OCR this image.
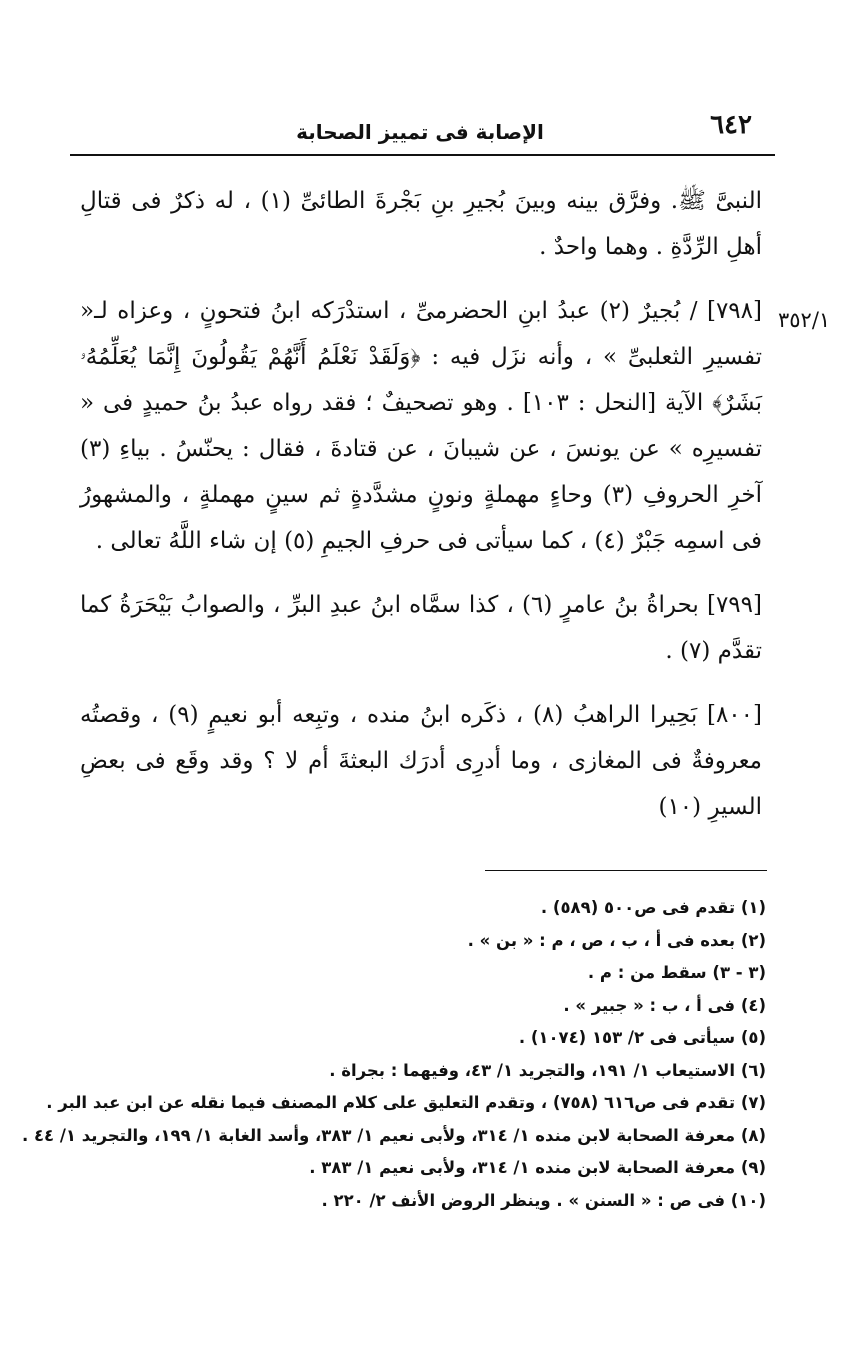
٦٤٢
الإصابة فى تمييز الصحابة
٣٥٢/١

النبىَّ ﷺ. وفرَّق بينه وبينَ بُجيرِ بنِ بَجْرةَ الطائىِّ (١) ، له ذكرٌ فى قتالِ أهلِ الرِّدَّةِ . وهما واحدٌ .

[٧٩٨] / بُجيرٌ (٢) عبدُ ابنِ الحضرمىِّ ، استدْرَكه ابنُ فتحونٍ ، وعزاه لـ« تفسيرِ الثعلبىِّ » ، وأنه نزَل فيه : ﴿وَلَقَدْ نَعْلَمُ أَنَّهُمْ يَقُولُونَ إِنَّمَا يُعَلِّمُهُۥ بَشَرٌ﴾ الآية [النحل : ١٠٣] . وهو تصحيفٌ ؛ فقد رواه عبدُ بنُ حميدٍ فى « تفسيرِه » عن يونسَ ، عن شيبانَ ، عن قتادةَ ، فقال : يحنّسُ . بياءِ (٣) آخرِ الحروفِ (٣) وحاءٍ مهملةٍ ونونٍ مشدَّدةٍ ثم سينٍ مهملةٍ ، والمشهورُ فى اسمِه جَبْرٌ (٤) ، كما سيأتى فى حرفِ الجيمِ (٥) إن شاء اللَّهُ تعالى .

[٧٩٩] بحراةُ بنُ عامرٍ (٦) ، كذا سمَّاه ابنُ عبدِ البرِّ ، والصوابُ بَيْحَرَةُ كما تقدَّم (٧) .

[٨٠٠] بَحِيرا الراهبُ (٨) ، ذكَره ابنُ منده ، وتبِعه أبو نعيمٍ (٩) ، وقصتُه معروفةٌ فى المغازى ، وما أدرِى أدرَك البعثةَ أم لا ؟ وقد وقَع فى بعضِ السيرِ (١٠)

(١) تقدم فى ص٥٠٠ (٥٨٩) .
(٢) بعده فى أ ، ب ، ص ، م : « بن » .
(٣ - ٣) سقط من : م .
(٤) فى أ ، ب : « جبير » .
(٥) سيأتى فى ٢/ ١٥٣ (١٠٧٤) .
(٦) الاستيعاب ١/ ١٩١، والتجريد ١/ ٤٣، وفيهما : بجراة .
(٧) تقدم فى ص٦١٦ (٧٥٨) ، وتقدم التعليق على كلام المصنف فيما نقله عن ابن عبد البر .
(٨) معرفة الصحابة لابن منده ١/ ٣١٤، ولأبى نعيم ١/ ٣٨٣، وأسد الغابة ١/ ١٩٩، والتجريد ١/ ٤٤ .
(٩) معرفة الصحابة لابن منده ١/ ٣١٤، ولأبى نعيم ١/ ٣٨٣ .
(١٠) فى ص : « السنن » . وينظر الروض الأنف ٢/ ٢٢٠ .
